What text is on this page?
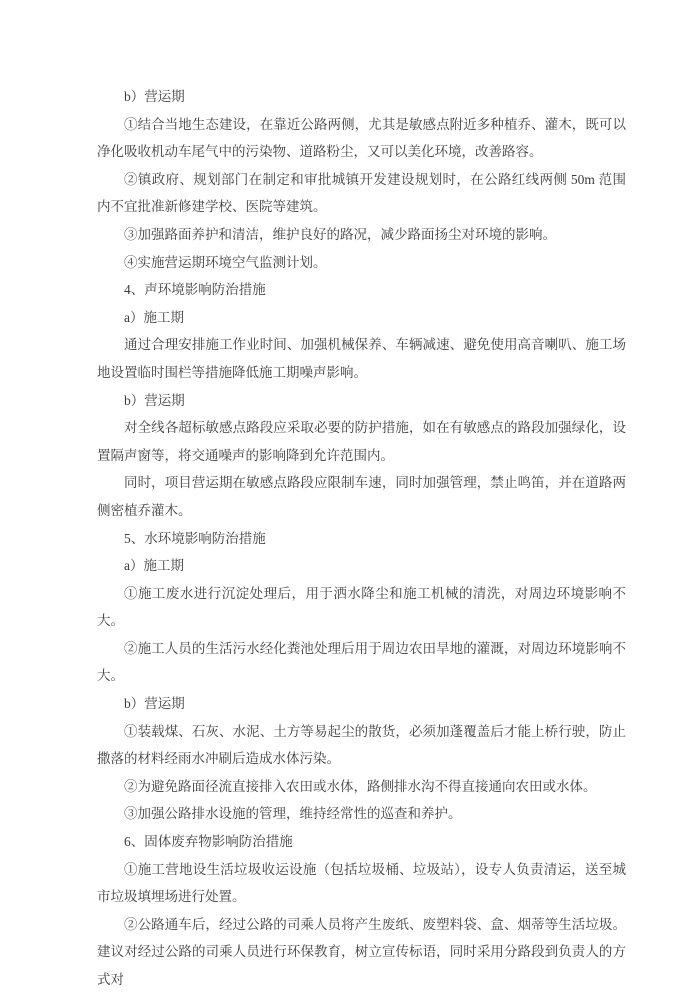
b）营运期

①结合当地生态建设，在靠近公路两侧，尤其是敏感点附近多种植乔、灌木，既可以净化吸收机动车尾气中的污染物、道路粉尘，又可以美化环境，改善路容。

②镇政府、规划部门在制定和审批城镇开发建设规划时，在公路红线两侧 50m 范围内不宜批准新修建学校、医院等建筑。

③加强路面养护和清洁，维护良好的路况，减少路面扬尘对环境的影响。

④实施营运期环境空气监测计划。

4、声环境影响防治措施

a）施工期

通过合理安排施工作业时间、加强机械保养、车辆减速、避免使用高音喇叭、施工场地设置临时围栏等措施降低施工期噪声影响。

b）营运期

对全线各超标敏感点路段应采取必要的防护措施，如在有敏感点的路段加强绿化，设置隔声窗等，将交通噪声的影响降到允许范围内。

同时，项目营运期在敏感点路段应限制车速，同时加强管理，禁止鸣笛，并在道路两侧密植乔灌木。

5、水环境影响防治措施

a）施工期

①施工废水进行沉淀处理后，用于洒水降尘和施工机械的清洗，对周边环境影响不大。

②施工人员的生活污水经化粪池处理后用于周边农田旱地的灌溉，对周边环境影响不大。

b）营运期

①装载煤、石灰、水泥、土方等易起尘的散货，必须加蓬覆盖后才能上桥行驶，防止撒落的材料经雨水冲刷后造成水体污染。

②为避免路面径流直接排入农田或水体，路侧排水沟不得直接通向农田或水体。

③加强公路排水设施的管理，维持经常性的巡查和养护。

6、固体废弃物影响防治措施

①施工营地设生活垃圾收运设施（包括垃圾桶、垃圾站），设专人负责清运，送至城市垃圾填埋场进行处置。

②公路通车后，经过公路的司乘人员将产生废纸、废塑料袋、盒、烟蒂等生活垃圾。建议对经过公路的司乘人员进行环保教育，树立宣传标语，同时采用分路段到负责人的方式对
